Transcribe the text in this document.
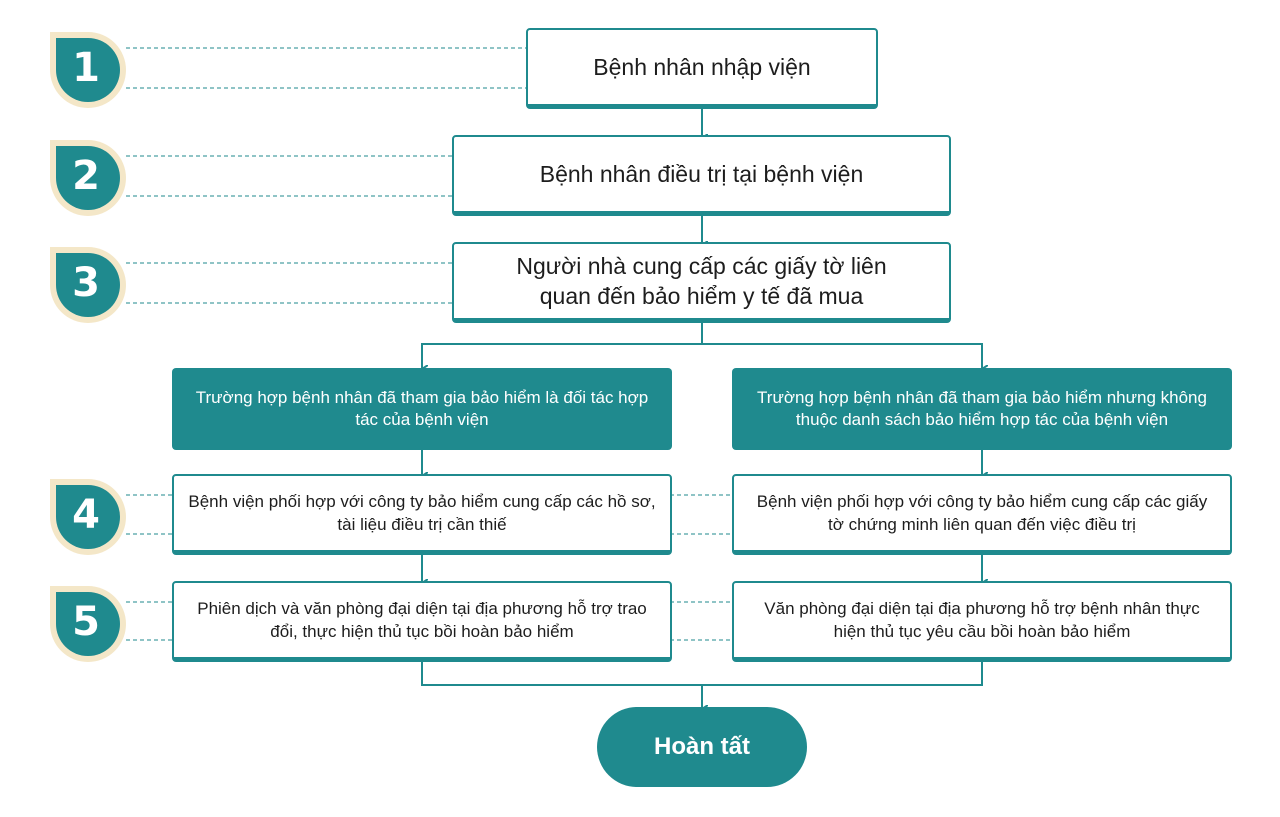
1
2
3
4
5
Bệnh nhân nhập viện
Bệnh nhân điều trị tại bệnh viện
Người nhà cung cấp các giấy tờ liên quan đến bảo hiểm y tế đã mua
Trường hợp bệnh nhân đã tham gia bảo hiểm là đối tác hợp tác của bệnh viện
Trường hợp bệnh nhân đã tham gia bảo hiểm nhưng không thuộc danh sách bảo hiểm hợp tác của bệnh viện
Bệnh viện phối hợp với công ty bảo hiểm cung cấp các hồ sơ, tài liệu điều trị cần thiế
Bệnh viện phối hợp với công ty bảo hiểm cung cấp các giấy tờ chứng minh liên quan đến việc điều trị
Phiên dịch và văn phòng đại diện tại địa phương hỗ trợ trao đổi, thực hiện thủ tục bồi hoàn bảo hiểm
Văn phòng đại diện tại địa phương hỗ trợ bệnh nhân thực hiện thủ tục yêu cầu bồi hoàn bảo hiểm
Hoàn tất
